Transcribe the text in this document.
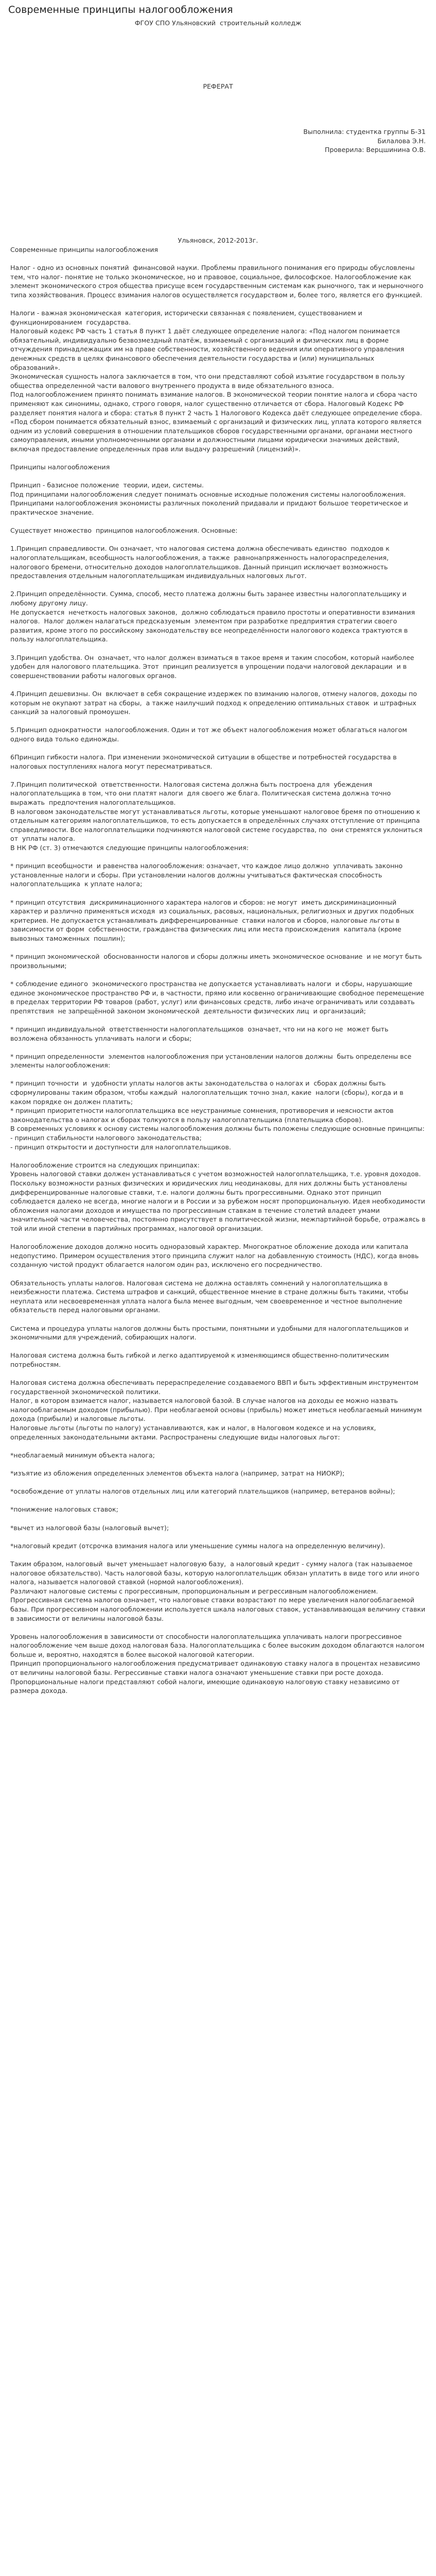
Современные принципы налогообложения
ФГОУ СПО Ульяновский  строительный колледж
РЕФЕРАТ
Выполнила: студентка группы Б-31
Билалова Э.Н.
Проверила: Верцшинина О.В.
Ульяновск, 2012-2013г.
Современные принципы налогообложения
Налог - одно из основных понятий  финансовой науки. Проблемы правильного понимания его природы обусловлены  тем, что налог- понятие не только экономическое, но и правовое, социальное, философское. Налогообложение как элемент экономического строя общества присуще всем государственным системам как рыночного, так и нерыночного типа хозяйствования. Процесс взимания налогов осуществляется государством и, более того, является его функцией.
Налоги - важная экономическая  категория, исторически связанная с появлением, существованием и функционированием  государства.
Налоговый кодекс РФ часть 1 статья 8 пункт 1 даёт следующее определение налога: «Под налогом понимается обязательный, индивидуально безвозмездный платёж, взимаемый с организаций и физических лиц в форме отчуждения принадлежащих им на праве собственности, хозяйственного ведения или оперативного управления денежных средств в целях финансового обеспечения деятельности государства и (или) муниципальных образований».
Экономическая сущность налога заключается в том, что они представляют собой изъятие государством в пользу общества определенной части валового внутреннего продукта в виде обязательного взноса.
Под налогообложением принято понимать взимание налогов. В экономической теории понятие налога и сбора часто применяют как синонимы, однако, строго говоря, налог существенно отличается от сбора. Налоговый Кодекс РФ разделяет понятия налога и сбора: статья 8 пункт 2 часть 1 Налогового Кодекса даёт следующее определение сбора.
«Под сбором понимается обязательный взнос, взимаемый с организаций и физических лиц, уплата которого является одним из условий совершения в отношении плательщиков сборов государственными органами, органами местного самоуправления, иными уполномоченными органами и должностными лицами юридически значимых действий, включая предоставление определенных прав или выдачу разрешений (лицензий)».
Принципы налогообложения
Принцип - базисное положение  теории, идеи, системы.
Под принципами налогообложения следует понимать основные исходные положения системы налогообложения. Принципами налогообложения экономисты различных поколений придавали и придают большое теоретическое и практическое значение.
Существует множество  принципов налогообложения. Основные:
1.Принцип справедливости. Он означает, что налоговая система должна обеспечивать единство  подходов к налогоплательщикам, всеобщность налогообложения, а также  равнонапряженность налогораспределения, налогового бремени, относительно доходов налогоплательщиков. Данный принцип исключает возможность предоставления отдельным налогоплательщикам индивидуальных налоговых льгот.
2.Принцип определённости. Сумма, способ, место платежа должны быть заранее известны налогоплательщику и любому другому лицу.
Не допускается  нечеткость налоговых законов,  должно соблюдаться правило простоты и оперативности взимания налогов.  Налог должен налагаться предсказуемым  элементом при разработке предприятия стратегии своего развития, кроме этого по российскому законодательству все неопределённости налогового кодекса трактуются в пользу налогоплательщика.
3.Принцип удобства. Он  означает, что налог должен взиматься в такое время и таким способом, который наиболее удобен для налогового плательщика. Этот  принцип реализуется в упрощении подачи налоговой декларации  и в совершенствовании работы налоговых органов.
4.Принцип дешевизны. Он  включает в себя сокращение издержек по взиманию налогов, отмену налогов, доходы по которым не окупают затрат на сборы,  а также наилучший подход к определению оптимальных ставок  и штрафных санкций за налоговый промоушен.
5.Принцип однократности  налогообложения. Один и тот же объект налогообложения может облагаться налогом одного вида только единожды.
6Принцип гибкости налога. При изменении экономической ситуации в обществе и потребностей государства в налоговых поступлениях налога могут пересматриваться.
7.Принцип политической  ответственности. Налоговая система должна быть построена для  убеждения налогоплательщика в том, что они платят налоги  для своего же блага. Политическая система должна точно выражать  предпочтения налогоплательщиков.
В налоговом законодательстве могут устанавливаться льготы, которые уменьшают налоговое бремя по отношению к отдельным категориям налогоплательщиков, то есть допускается в определённых случаях отступление от принципа справедливости. Все налогоплательщики подчиняются налоговой системе государства, по  они стремятся уклониться от  уплаты налога.
В НК РФ (ст. 3) отмечаются следующие принципы налогообложения:
* принцип всеобщности  и равенства налогообложения: означает, что каждое лицо должно  уплачивать законно установленные налоги и сборы. При установлении налогов должны учитываться фактическая способность налогоплательщика  к уплате налога;
* принцип отсутствия  дискриминационного характера налогов и сборов: не могут  иметь дискриминационный характер и различно применяться исходя  из социальных, расовых, национальных, религиозных и других подобных критериев. Не допускается устанавливать дифференцированные  ставки налогов и сборов, налоговые льготы в зависимости от форм  собственности, гражданства физических лиц или места происхождения  капитала (кроме вывозных таможенных  пошлин);
* принцип экономической  обоснованности налогов и сборы должны иметь экономическое основание  и не могут быть произвольными;
* соблюдение единого  экономического пространства не допускается устанавливать налоги  и сборы, нарушающие единое экономическое пространство РФ и, в частности, прямо или косвенно ограничивающие свободное перемещение в пределах территории РФ товаров (работ, услуг) или финансовых средств, либо иначе ограничивать или создавать препятствия  не запрещённой законом экономической  деятельности физических лиц  и организаций;
* принцип индивидуальной  ответственности налогоплательщиков  означает, что ни на кого не  может быть возложена обязанность уплачивать налоги и сборы;
* принцип определенности  элементов налогообложения при установлении налогов должны  быть определены все элементы налогообложения:
* принцип точности  и  удобности уплаты налогов акты законодательства о налогах и  сборах должны быть сформулированы таким образом, чтобы каждый  налогоплательщик точно знал, какие  налоги (сборы), когда и в каком порядке он должен платить;
* принцип приоритетности налогоплательщика все неустранимые сомнения, противоречия и неясности актов законодательства о налогах и сборах толкуются в пользу налогоплательщика (плательщика сборов).
В современных условиях к основу системы налогообложения должны быть положены следующие основные принципы:
- принцип стабильности налогового законодательства;
- принцип открытости и доступности для налогоплательщиков.
Налогообложение строится на следующих принципах:
Уровень налоговой ставки должен устанавливаться с учетом возможностей налогоплательщика, т.е. уровня доходов. Поскольку возможности разных физических и юридических лиц неодинаковы, для них должны быть установлены дифференцированные налоговые ставки, т.е. налоги должны быть прогрессивными. Однако этот принцип соблюдается далеко не всегда, многие налоги и в России и за рубежом носят пропорциональную. Идея необходимости обложения налогами доходов и имущества по прогрессивным ставкам в течение столетий владеет умами значительной части человечества, постоянно присутствует в политической жизни, межпартийной борьбе, отражаясь в той или иной степени в партийных программах, налоговой организации.
Налогообложение доходов должно носить одноразовый характер. Многократное обложение дохода или капитала недопустимо. Примером осуществления этого принципа служит налог на добавленную стоимость (НДС), когда вновь созданную чистой продукт облагается налогом один раз, исключено его посредничество.
Обязательность уплаты налогов. Налоговая система не должна оставлять сомнений у налогоплательщика в неизбежности платежа. Система штрафов и санкций, общественное мнение в стране должны быть такими, чтобы неуплата или несвоевременная уплата налога была менее выгодным, чем своевременное и честное выполнение обязательств перед налоговыми органами.
Система и процедура уплаты налогов должны быть простыми, понятными и удобными для налогоплательщиков и экономичными для учреждений, собирающих налоги.
Налоговая система должна быть гибкой и легко адаптируемой к изменяющимся общественно-политическим потребностям.
Налоговая система должна обеспечивать перераспределение создаваемого ВВП и быть эффективным инструментом государственной экономической политики.
Налог, в котором взимается налог, называется налоговой базой. В случае налогов на доходы ее можно назвать налогооблагаемым доходом (прибылью). При необлагаемой основы (прибыль) может иметься необлагаемый минимум дохода (прибыли) и налоговые льготы.
Налоговые льготы (льготы по налогу) устанавливаются, как и налог, в Налоговом кодексе и на условиях, определенных законодательными актами. Распространены следующие виды налоговых льгот:
*необлагаемый минимум объекта налога;
*изъятие из обложения определенных элементов объекта налога (например, затрат на НИОКР);
*освобождение от уплаты налогов отдельных лиц или категорий плательщиков (например, ветеранов войны);
*понижение налоговых ставок;
*вычет из налоговой базы (налоговый вычет);
*налоговый кредит (отсрочка взимания налога или уменьшение суммы налога на определенную величину).
Таким образом, налоговый  вычет уменьшает налоговую базу,  а налоговый кредит - сумму налога (так называемое налоговое обязательство). Часть налоговой базы, которую налогоплательщик обязан уплатить в виде того или иного налога, называется налоговой ставкой (нормой налогообложения).
Различают налоговые системы с прогрессивным, пропорциональным и регрессивным налогообложением. Прогрессивная система налогов означает, что налоговые ставки возрастают по мере увеличения налогооблагаемой базы. При прогрессивном налогообложении используется шкала налоговых ставок, устанавливающая величину ставки в зависимости от величины налоговой базы.
Уровень налогообложения в зависимости от способности налогоплательщика уплачивать налоги прогрессивное налогообложение чем выше доход налоговая база. Налогоплательщика с более высоким доходом облагаются налогом больше и, вероятно, находятся в более высокой налоговой категории.
Принцип пропорционального налогообложения предусматривает одинаковую ставку налога в процентах независимо от величины налоговой базы. Регрессивные ставки налога означают уменьшение ставки при росте дохода.
Пропорциональные налоги представляют собой налоги, имеющие одинаковую налоговую ставку независимо от размера дохода.
